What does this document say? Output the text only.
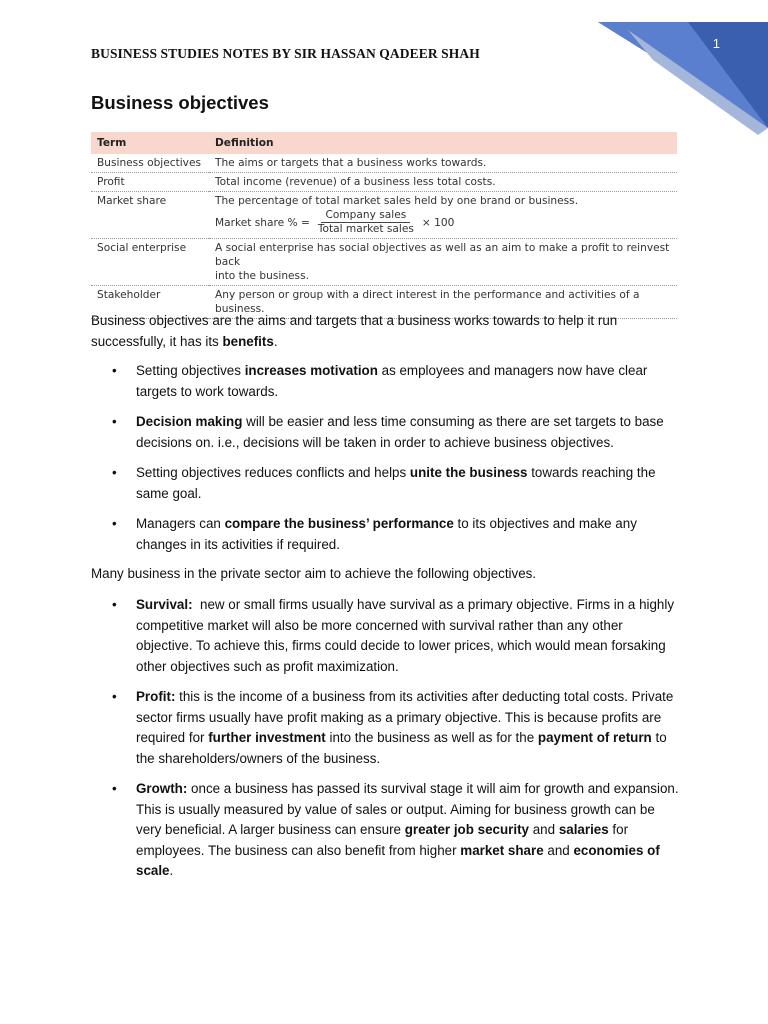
1
BUSINESS STUDIES NOTES BY SIR HASSAN QADEER SHAH
Business objectives
Term	Definition
Business objectives	The aims or targets that a business works towards.
Profit	Total income (revenue) of a business less total costs.
Market share	The percentage of total market sales held by one brand or business.
Market share % = $\frac{\text{Company sales}}{\text{Total market sales}} \times 100$

Social enterprise	A social enterprise has social objectives as well as an aim to make a profit to reinvest back
into the business.

Stakeholder	Any person or group with a direct interest in the performance and activities of a business.

Business objectives are the aims and targets that a business works towards to help it run successfully, it has its benefits.

• Setting objectives increases motivation as employees and managers now have clear targets to work towards.
• Decision making will be easier and less time consuming as there are set targets to base decisions on. i.e., decisions will be taken in order to achieve business objectives.
• Setting objectives reduces conflicts and helps unite the business towards reaching the same goal.
• Managers can compare the business’ performance to its objectives and make any changes in its activities if required.

Many business in the private sector aim to achieve the following objectives.

• Survival:  new or small firms usually have survival as a primary objective. Firms in a highly competitive market will also be more concerned with survival rather than any other objective. To achieve this, firms could decide to lower prices, which would mean forsaking other objectives such as profit maximization.
• Profit: this is the income of a business from its activities after deducting total costs. Private sector firms usually have profit making as a primary objective. This is because profits are required for further investment into the business as well as for the payment of return to the shareholders/owners of the business.
• Growth: once a business has passed its survival stage it will aim for growth and expansion. This is usually measured by value of sales or output. Aiming for business growth can be very beneficial. A larger business can ensure greater job security and salaries for employees. The business can also benefit from higher market share and economies of scale.
